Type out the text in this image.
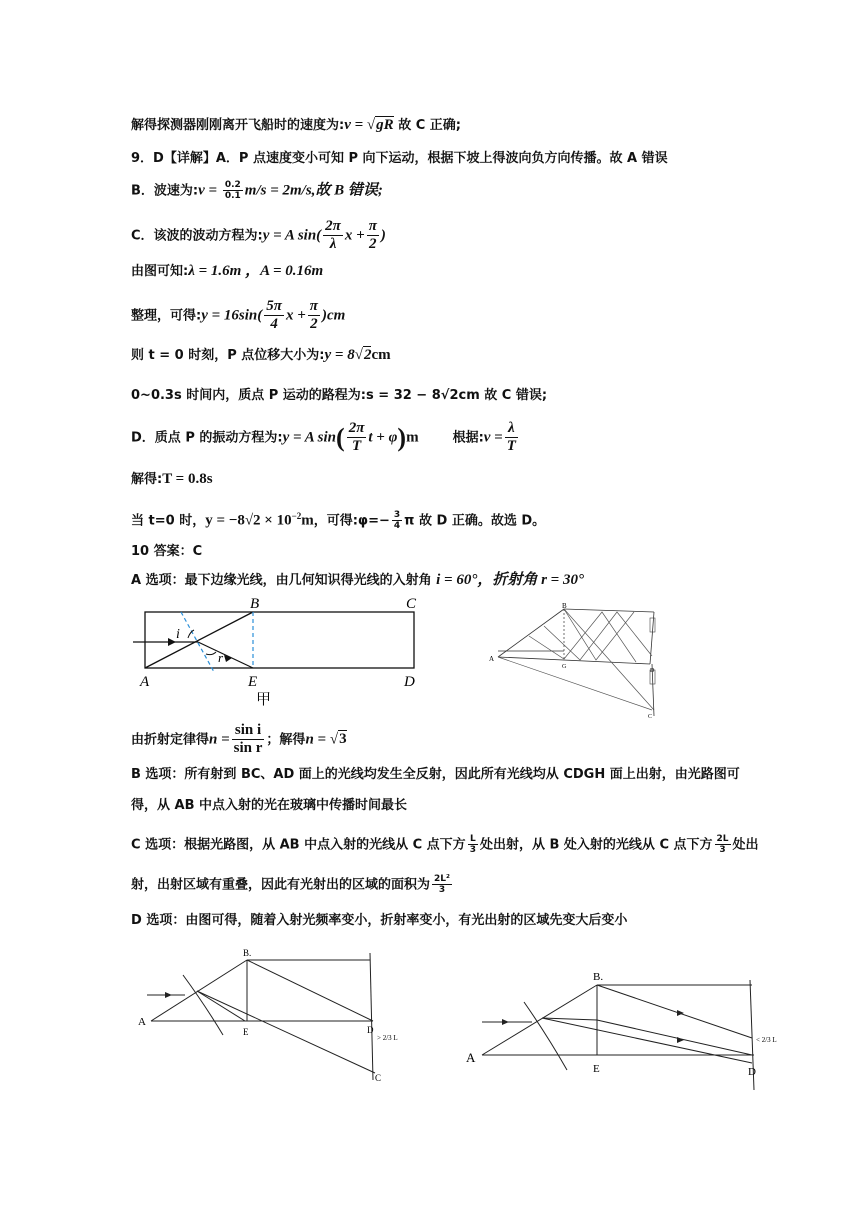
解得探测器刚刚离开飞船时的速度为:v = √gR 故 C 正确;
9．D【详解】A．P 点速度变小可知 P 向下运动，根据下坡上得波向负方向传播。故 A 错误
B．波速为:v = $\frac{0.2}{0.1} m/s = 2m/s$,故 B 错误;
C．该波的波动方程为:y = A $\sin( \frac{2\pi}{\lambda}$ $x + \frac{\pi}{2}$ )
由图可知:λ = 1.6m ，A = 0.16m
整理，可得:y = $16\sin( \frac{5\pi}{4}$ $x + \frac{\pi}{2} )cm$
则 t = 0 时刻，P 点位移大小为:y = 8√2cm
0~0.3s 时间内，质点 P 运动的路程为:s = 32 − 8√2cm 故 C 错误;
D．质点 P 的振动方程为:y = A $\sin( \frac{2\pi}{T}$ t + φ)m	根据:v = $\frac{\lambda}{T}$
解得:T = 0.8s
当 t=0 时，$y = -8√2 \times 10^{-2}m$，可得:φ=− $\frac{3}{4}$ π 故 D 正确。故选 D。
10 答案：C
A 选项：最下边缘光线，由几何知识得光线的入射角 i = 60°，折射角 r = 30°
B	C
A	E	D
i
r
甲
B
A
G
D
C
由折射定律得$n = \frac{\text{sin i}}{\text{sin r}}$ ；解得n = √3
B 选项：所有射到 BC、AD 面上的光线均发生全反射，因此所有光线均从 CDGH 面上出射，由光路图可
得，从 AB 中点入射的光在玻璃中传播时间最长
C 选项：根据光路图，从 AB 中点入射的光线从 C 点下方 $\frac{L}{3}$ 处出射，从 B 处入射的光线从 C 点下方 $\frac{2L}{3}$ 处出
射，出射区域有重叠，因此有光射出的区域的面积为 $\frac{\text{2L²}}{3}$
D 选项：由图可得，随着入射光频率变小，折射率变小，有光出射的区域先变大后变小
B.
A
E	D
C
> 2/3 L
B.
A
E	D
< 2/3 L
